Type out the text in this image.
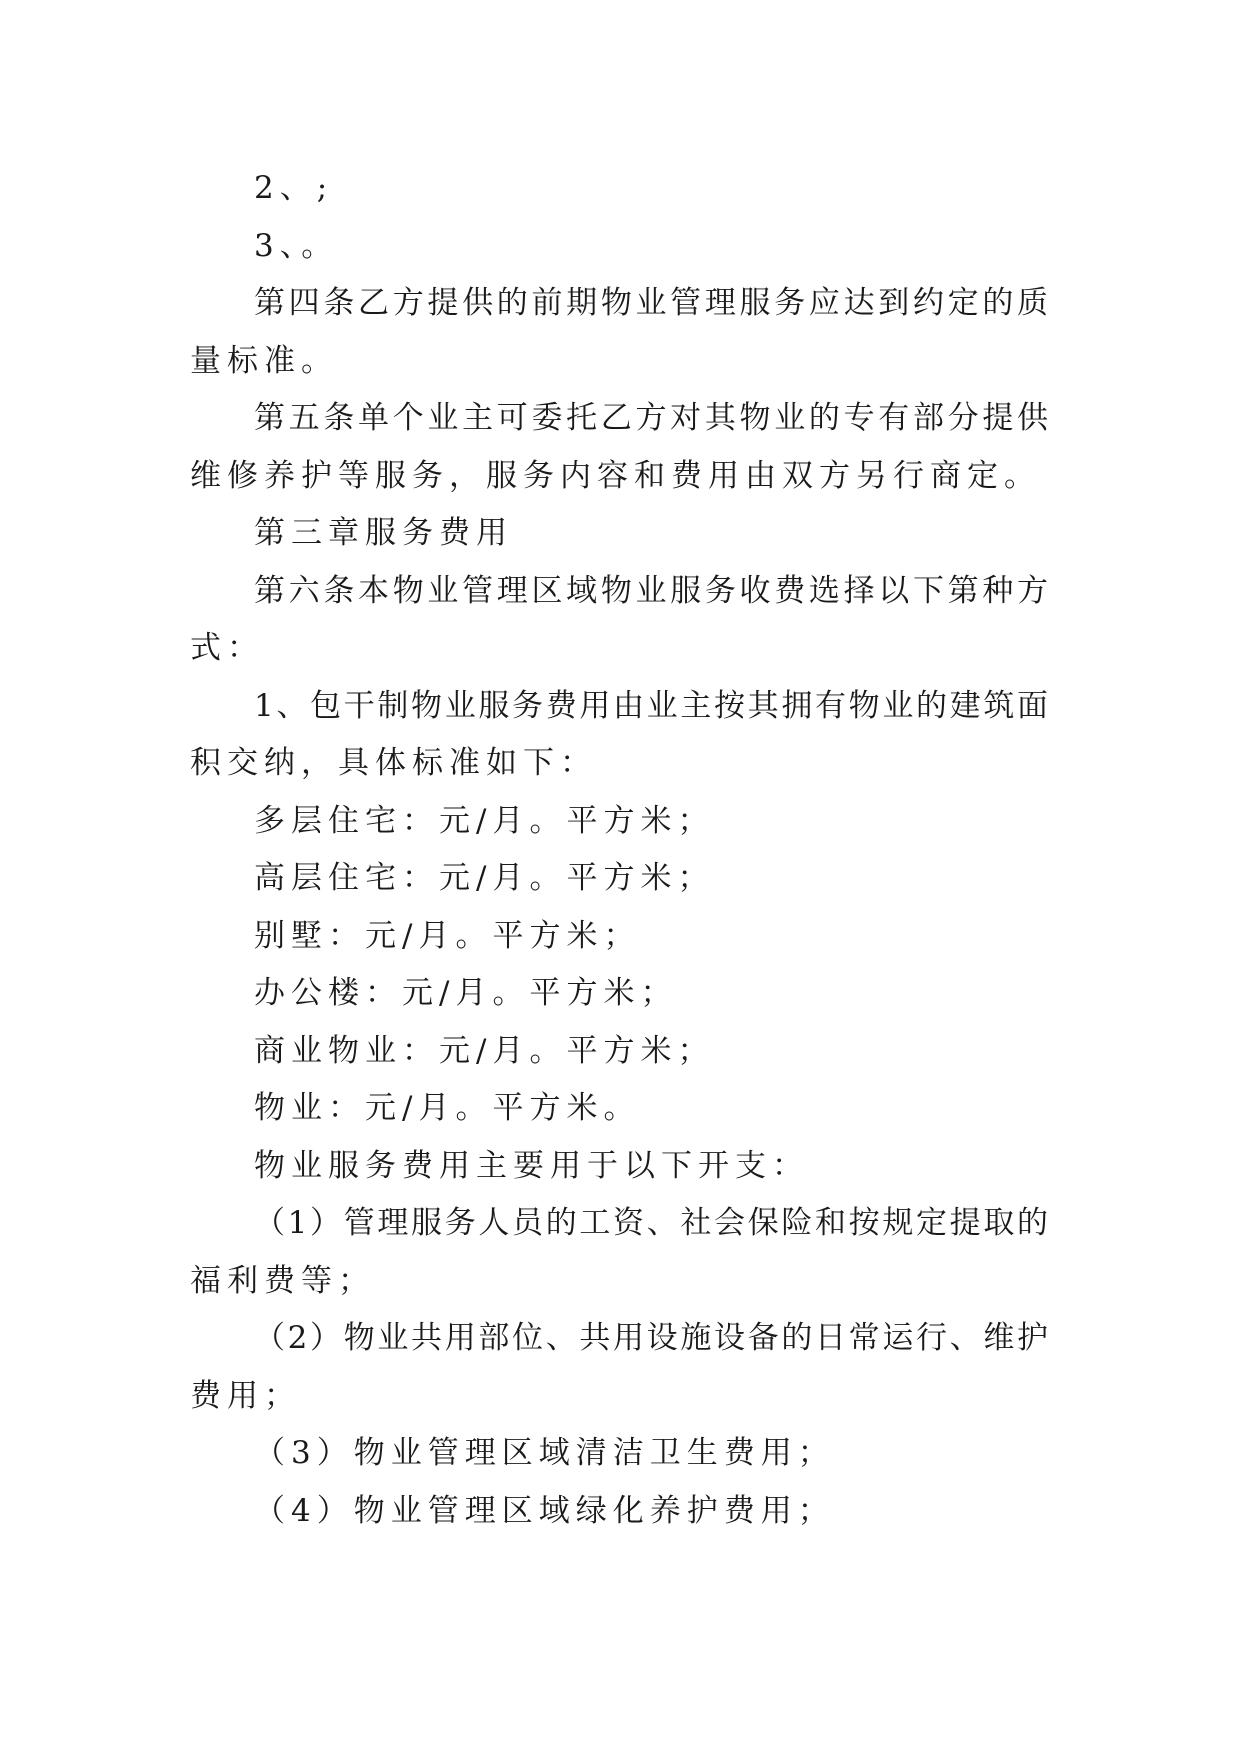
2、;
3、。
第四条乙方提供的前期物业管理服务应达到约定的质
量标准。
第五条单个业主可委托乙方对其物业的专有部分提供
维修养护等服务，服务内容和费用由双方另行商定。
第三章服务费用
第六条本物业管理区域物业服务收费选择以下第种方
式：
1、包干制物业服务费用由业主按其拥有物业的建筑面
积交纳，具体标准如下：
多层住宅：元/月。平方米；
高层住宅：元/月。平方米；
别墅：元/月。平方米；
办公楼：元/月。平方米；
商业物业：元/月。平方米；
物业：元/月。平方米。
物业服务费用主要用于以下开支：
（1）管理服务人员的工资、社会保险和按规定提取的
福利费等；
（2）物业共用部位、共用设施设备的日常运行、维护
费用；
（3）物业管理区域清洁卫生费用；
（4）物业管理区域绿化养护费用；
